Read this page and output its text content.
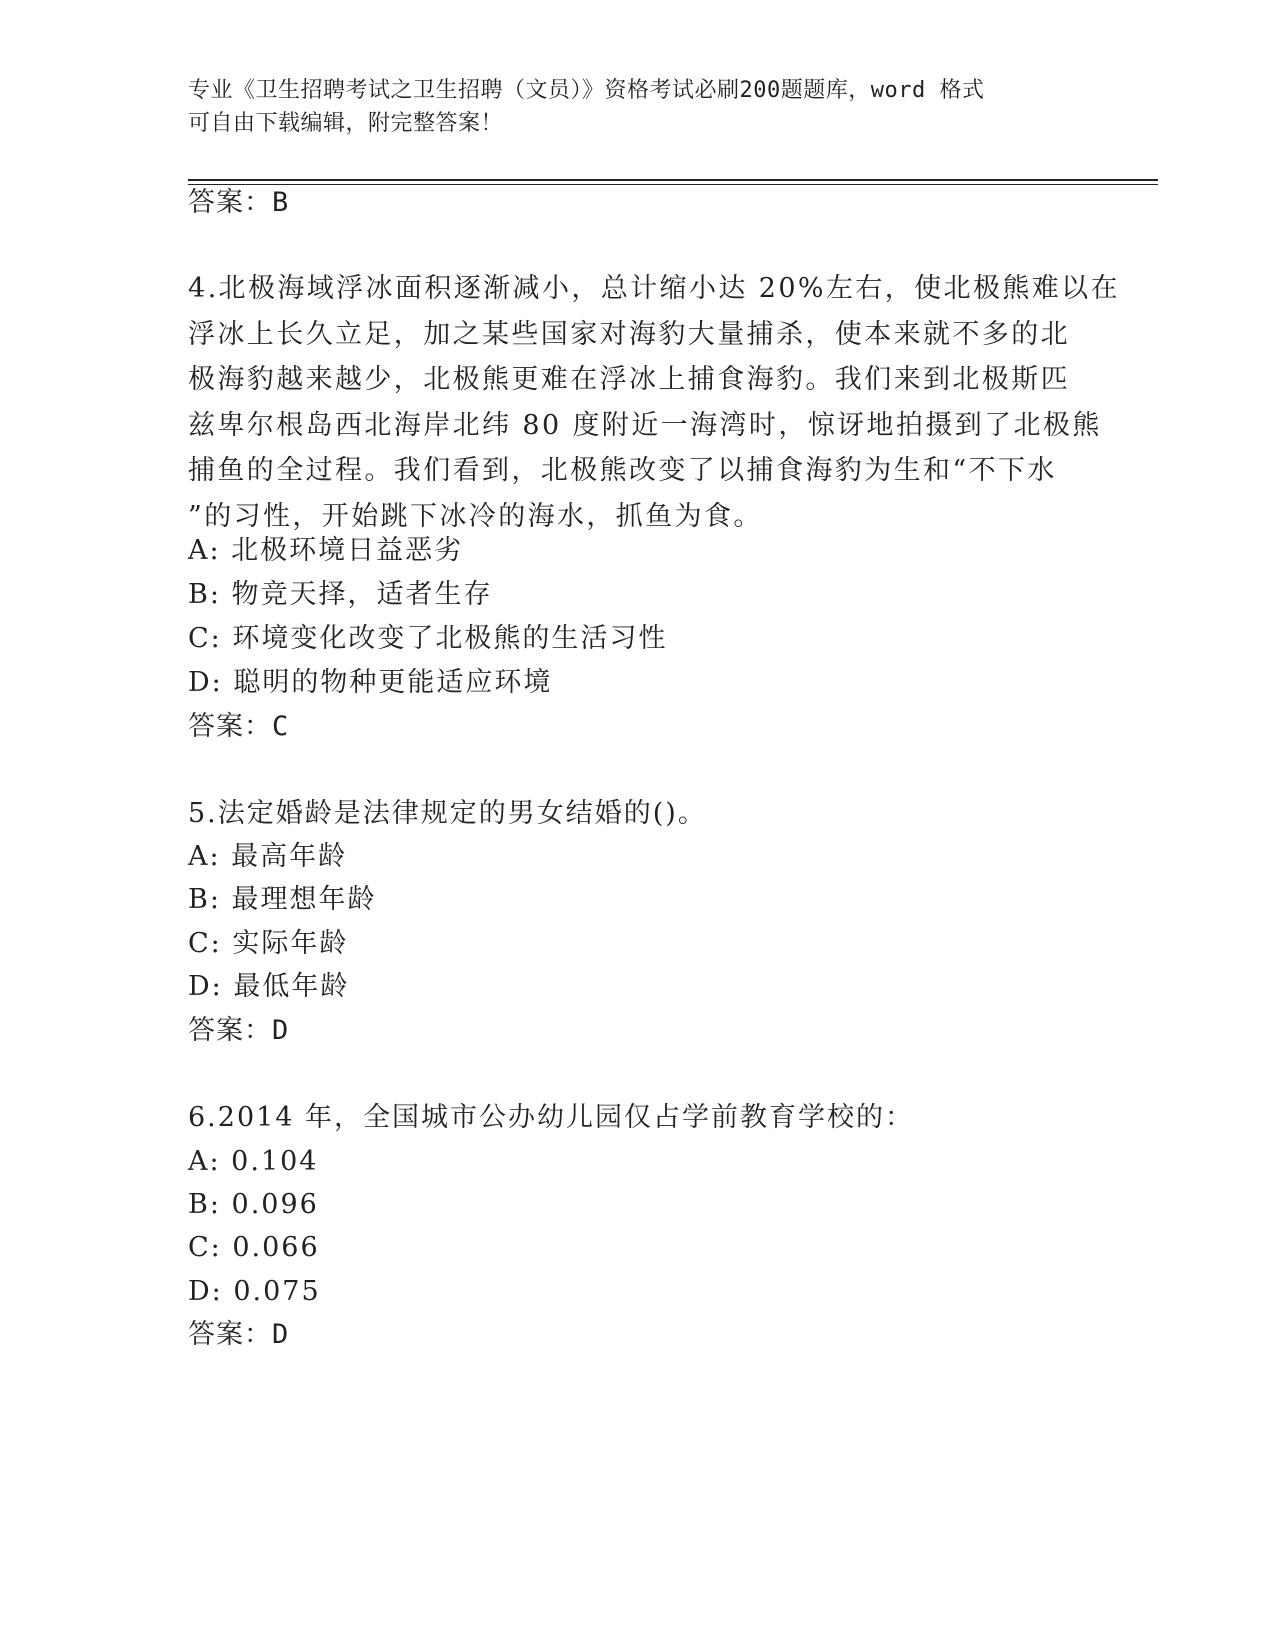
专业《卫生招聘考试之卫生招聘（文员）》资格考试必刷200题题库，word 格式
可自由下载编辑，附完整答案！
答案：B
4.北极海域浮冰面积逐渐减小，总计缩小达 20%左右，使北极熊难以在
浮冰上长久立足，加之某些国家对海豹大量捕杀，使本来就不多的北
极海豹越来越少，北极熊更难在浮冰上捕食海豹。我们来到北极斯匹
兹卑尔根岛西北海岸北纬 80 度附近一海湾时，惊讶地拍摄到了北极熊
捕鱼的全过程。我们看到，北极熊改变了以捕食海豹为生和“不下水
”的习性，开始跳下冰冷的海水，抓鱼为食。
A: 北极环境日益恶劣
B: 物竞天择，适者生存
C: 环境变化改变了北极熊的生活习性
D: 聪明的物种更能适应环境
答案：C
5.法定婚龄是法律规定的男女结婚的()。
A: 最高年龄
B: 最理想年龄
C: 实际年龄
D: 最低年龄
答案：D
6.2014 年，全国城市公办幼儿园仅占学前教育学校的：
A: 0.104
B: 0.096
C: 0.066
D: 0.075
答案：D
